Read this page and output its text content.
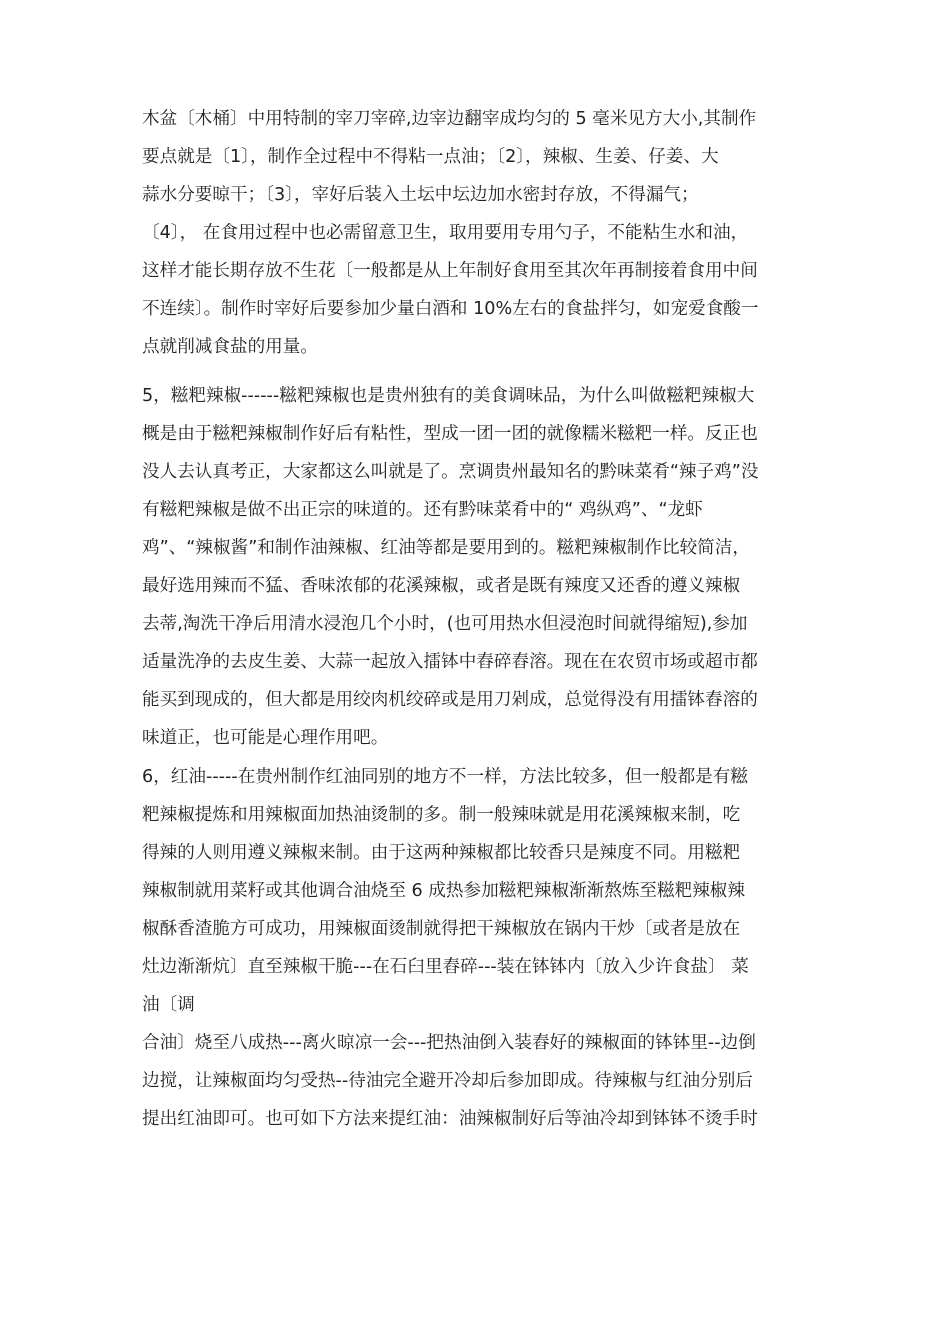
木盆〔木桶〕中用特制的宰刀宰碎,边宰边翻宰成均匀的 5 毫米见方大小,其制作

要点就是〔1〕，制作全过程中不得粘一点油；〔2〕，辣椒、生姜、仔姜、大

蒜水分要晾干；〔3〕，宰好后装入土坛中坛边加水密封存放，不得漏气；

〔4〕， 在食用过程中也必需留意卫生，取用要用专用勺子，不能粘生水和油，

这样才能长期存放不生花〔一般都是从上年制好食用至其次年再制接着食用中间

不连续〕。制作时宰好后要参加少量白酒和 10%左右的食盐拌匀，如宠爱食酸一

点就削减食盐的用量。

5，糍粑辣椒------糍粑辣椒也是贵州独有的美食调味品，为什么叫做糍粑辣椒大

概是由于糍粑辣椒制作好后有粘性，型成一团一团的就像糯米糍粑一样。反正也

没人去认真考正，大家都这么叫就是了。烹调贵州最知名的黔味菜肴“辣子鸡”没

有糍粑辣椒是做不出正宗的味道的。还有黔味菜肴中的“ 鸡纵鸡”、“龙虾

鸡”、“辣椒酱”和制作油辣椒、红油等都是要用到的。糍粑辣椒制作比较简洁，

最好选用辣而不猛、香味浓郁的花溪辣椒，或者是既有辣度又还香的遵义辣椒

去蒂,淘洗干净后用清水浸泡几个小时，(也可用热水但浸泡时间就得缩短),参加

适量洗净的去皮生姜、大蒜一起放入擂钵中舂碎舂溶。现在在农贸市场或超市都

能买到现成的，但大都是用绞肉机绞碎或是用刀剁成，总觉得没有用擂钵舂溶的

味道正，也可能是心理作用吧。

6，红油-----在贵州制作红油同别的地方不一样，方法比较多，但一般都是有糍

粑辣椒提炼和用辣椒面加热油烫制的多。制一般辣味就是用花溪辣椒来制，吃

得辣的人则用遵义辣椒来制。由于这两种辣椒都比较香只是辣度不同。用糍粑

辣椒制就用菜籽或其他调合油烧至 6 成热参加糍粑辣椒渐渐熬炼至糍粑辣椒辣

椒酥香渣脆方可成功，用辣椒面烫制就得把干辣椒放在锅内干炒〔或者是放在

灶边渐渐炕〕直至辣椒干脆---在石臼里舂碎---装在钵钵内〔放入少许食盐〕 菜

油〔调

合油〕烧至八成热---离火晾凉一会---把热油倒入装舂好的辣椒面的钵钵里--边倒

边搅，让辣椒面均匀受热--待油完全避开冷却后参加即成。待辣椒与红油分别后

提出红油即可。也可如下方法来提红油：油辣椒制好后等油冷却到钵钵不烫手时
